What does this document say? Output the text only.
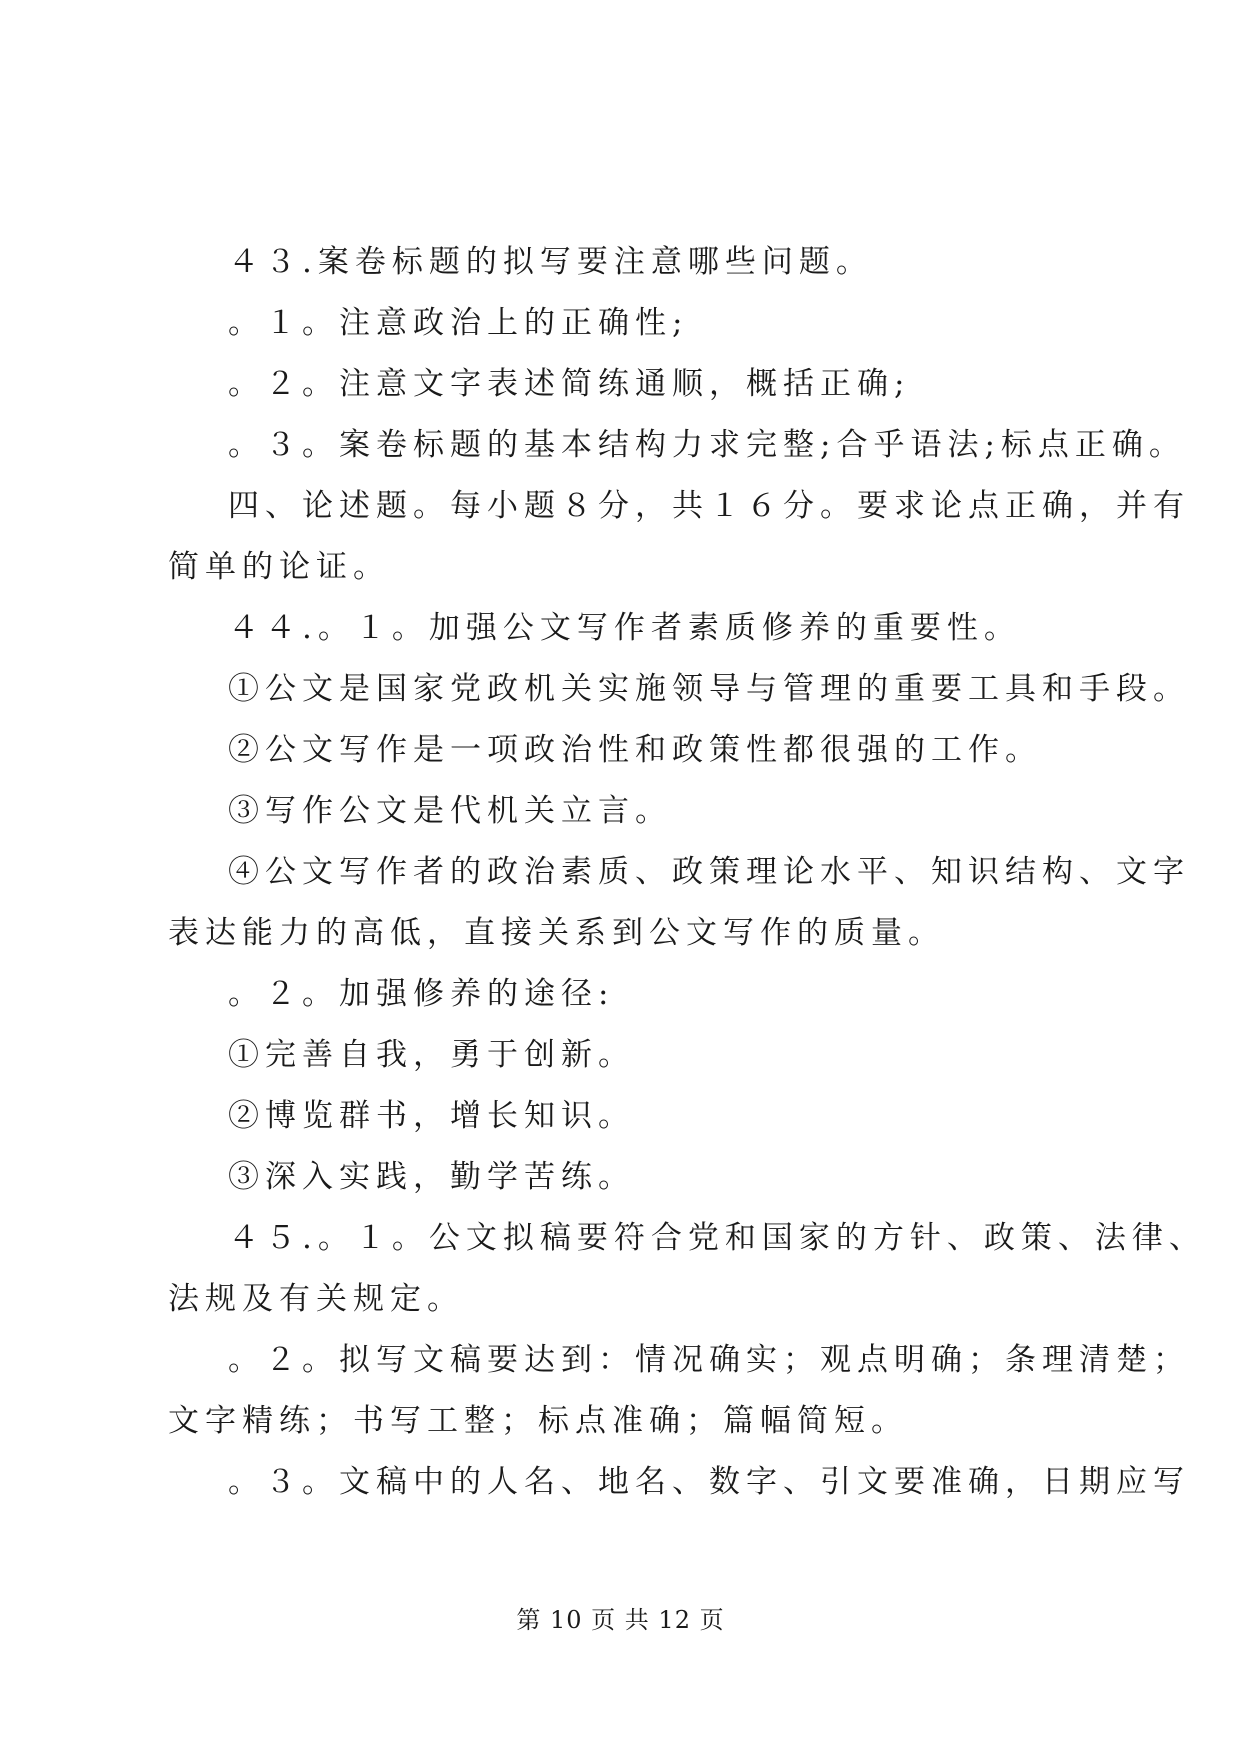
４３.案卷标题的拟写要注意哪些问题。
。１。注意政治上的正确性;
。２。注意文字表述简练通顺，概括正确;
。３。案卷标题的基本结构力求完整;合乎语法;标点正确。
四、论述题。每小题８分，共１６分。要求论点正确，并有
简单的论证。
４４.。１。加强公文写作者素质修养的重要性。
①公文是国家党政机关实施领导与管理的重要工具和手段。
②公文写作是一项政治性和政策性都很强的工作。
③写作公文是代机关立言。
④公文写作者的政治素质、政策理论水平、知识结构、文字
表达能力的高低，直接关系到公文写作的质量。
。２。加强修养的途径:
①完善自我，勇于创新。
②博览群书，增长知识。
③深入实践，勤学苦练。
４５.。１。公文拟稿要符合党和国家的方针、政策、法律、
法规及有关规定。
。２。拟写文稿要达到：情况确实；观点明确；条理清楚；
文字精练；书写工整；标点准确；篇幅简短。
。３。文稿中的人名、地名、数字、引文要准确，日期应写
第 10 页 共 12 页
